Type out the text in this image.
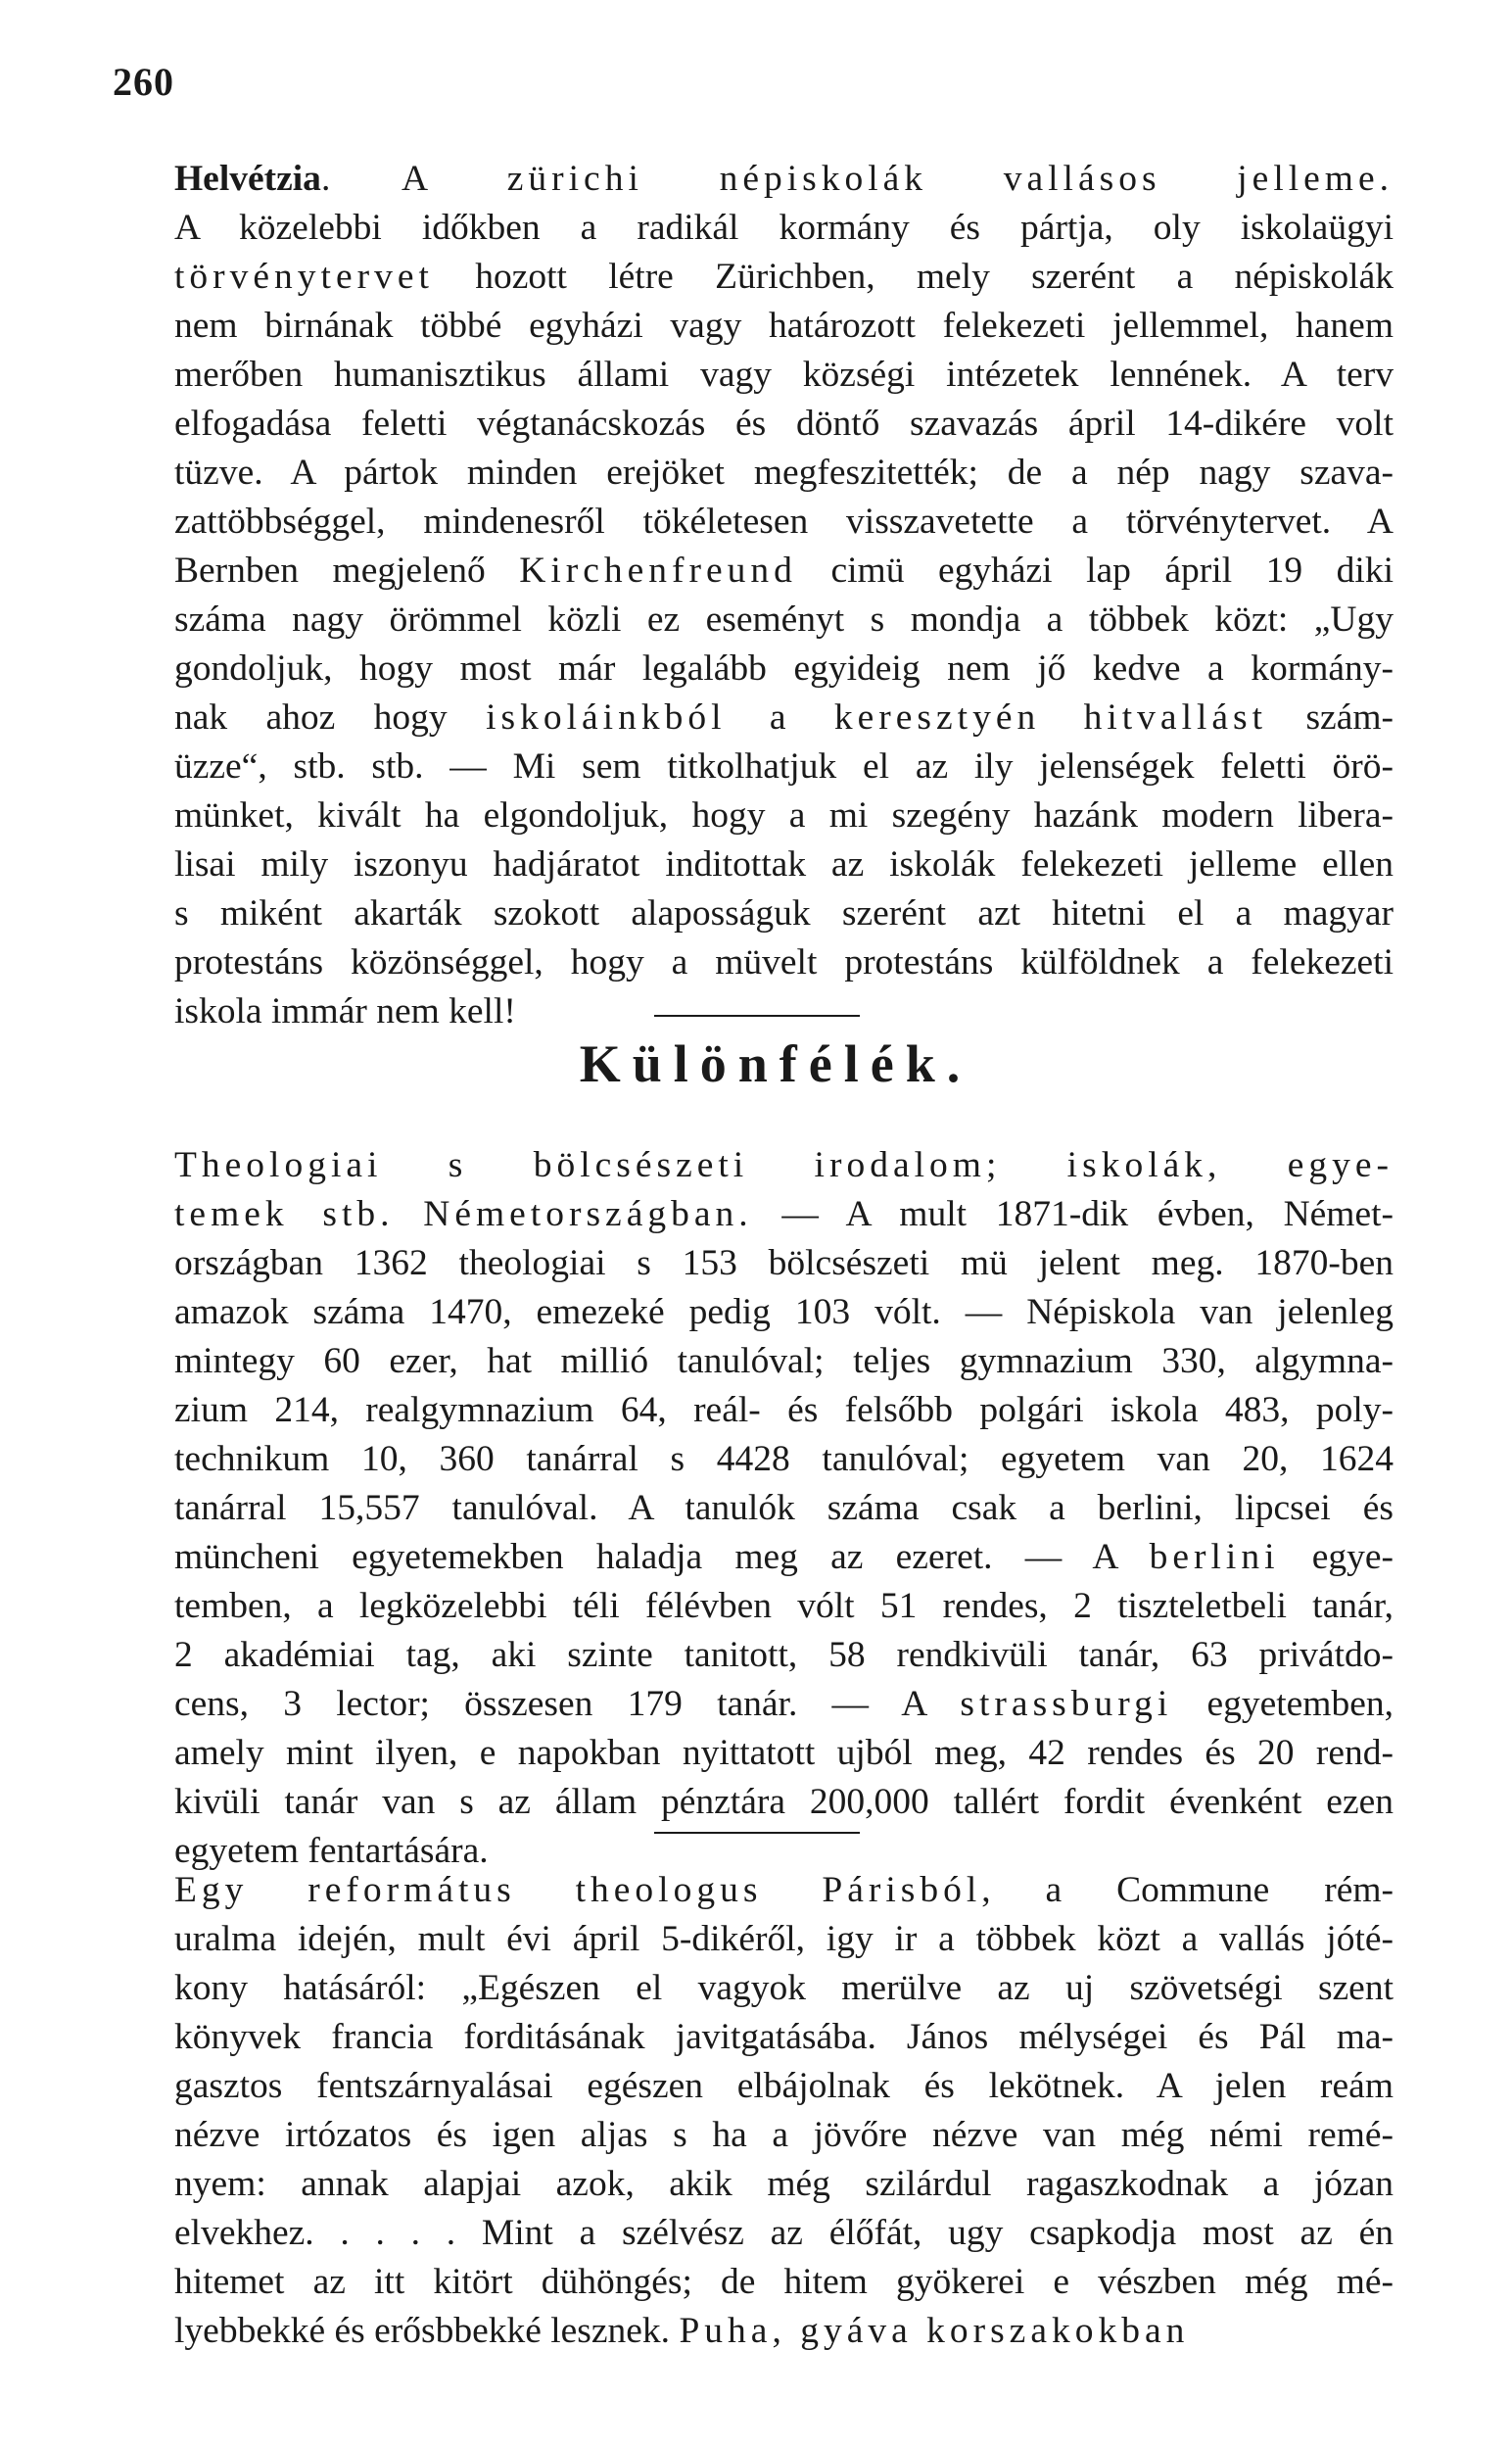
260
Helvétzia. A zürichi népiskolák vallásos jelleme.
A közelebbi időkben a radikál kormány és pártja, oly iskolaügyi
törvénytervet hozott létre Zürichben, mely szerént a népiskolák
nem birnának többé egyházi vagy határozott felekezeti jellemmel, hanem
merőben humanisztikus állami vagy községi intézetek lennének. A terv
elfogadása feletti végtanácskozás és döntő szavazás ápril 14-dikére volt
tüzve. A pártok minden erejöket megfeszitették; de a nép nagy szava-
zattöbbséggel, mindenesről tökéletesen visszavetette a törvénytervet. A
Bernben megjelenő Kirchenfreund cimü egyházi lap ápril 19 diki
száma nagy örömmel közli ez eseményt s mondja a többek közt: „Ugy
gondoljuk, hogy most már legalább egyideig nem jő kedve a kormány-
nak ahoz hogy iskoláinkból a keresztyén hitvallást szám-
üzze“, stb. stb. — Mi sem titkolhatjuk el az ily jelenségek feletti örö-
münket, kivált ha elgondoljuk, hogy a mi szegény hazánk modern libera-
lisai mily iszonyu hadjáratot inditottak az iskolák felekezeti jelleme ellen
s miként akarták szokott alaposságuk szerént azt hitetni el a magyar
protestáns közönséggel, hogy a müvelt protestáns külföldnek a felekezeti
iskola immár nem kell!
Különfélék.
Theologiai s bölcsészeti irodalom; iskolák, egye-
temek stb. Németországban. — A mult 1871-dik évben, Német-
országban 1362 theologiai s 153 bölcsészeti mü jelent meg. 1870-ben
amazok száma 1470, emezeké pedig 103 vólt. — Népiskola van jelenleg
mintegy 60 ezer, hat millió tanulóval; teljes gymnazium 330, algymna-
zium 214, realgymnazium 64, reál- és felsőbb polgári iskola 483, poly-
technikum 10, 360 tanárral s 4428 tanulóval; egyetem van 20, 1624
tanárral 15,557 tanulóval. A tanulók száma csak a berlini, lipcsei és
müncheni egyetemekben haladja meg az ezeret. — A berlini egye-
temben, a legközelebbi téli félévben vólt 51 rendes, 2 tiszteletbeli tanár,
2 akadémiai tag, aki szinte tanitott, 58 rendkivüli tanár, 63 privátdo-
cens, 3 lector; összesen 179 tanár. — A strassburgi egyetemben,
amely mint ilyen, e napokban nyittatott ujból meg, 42 rendes és 20 rend-
kivüli tanár van s az állam pénztára 200,000 tallért fordit évenként ezen
egyetem fentartására.
Egy református theologus Párisból, a Commune rém-
uralma idején, mult évi ápril 5-dikéről, igy ir a többek közt a vallás jóté-
kony hatásáról: „Egészen el vagyok merülve az uj szövetségi szent
könyvek francia forditásának javitgatásába. János mélységei és Pál ma-
gasztos fentszárnyalásai egészen elbájolnak és lekötnek. A jelen reám
nézve irtózatos és igen aljas s ha a jövőre nézve van még némi remé-
nyem: annak alapjai azok, akik még szilárdul ragaszkodnak a józan
elvekhez. . . . . Mint a szélvész az élőfát, ugy csapkodja most az én
hitemet az itt kitört dühöngés; de hitem gyökerei e vészben még mé-
lyebbekké és erősbbekké lesznek. Puha, gyáva korszakokban
